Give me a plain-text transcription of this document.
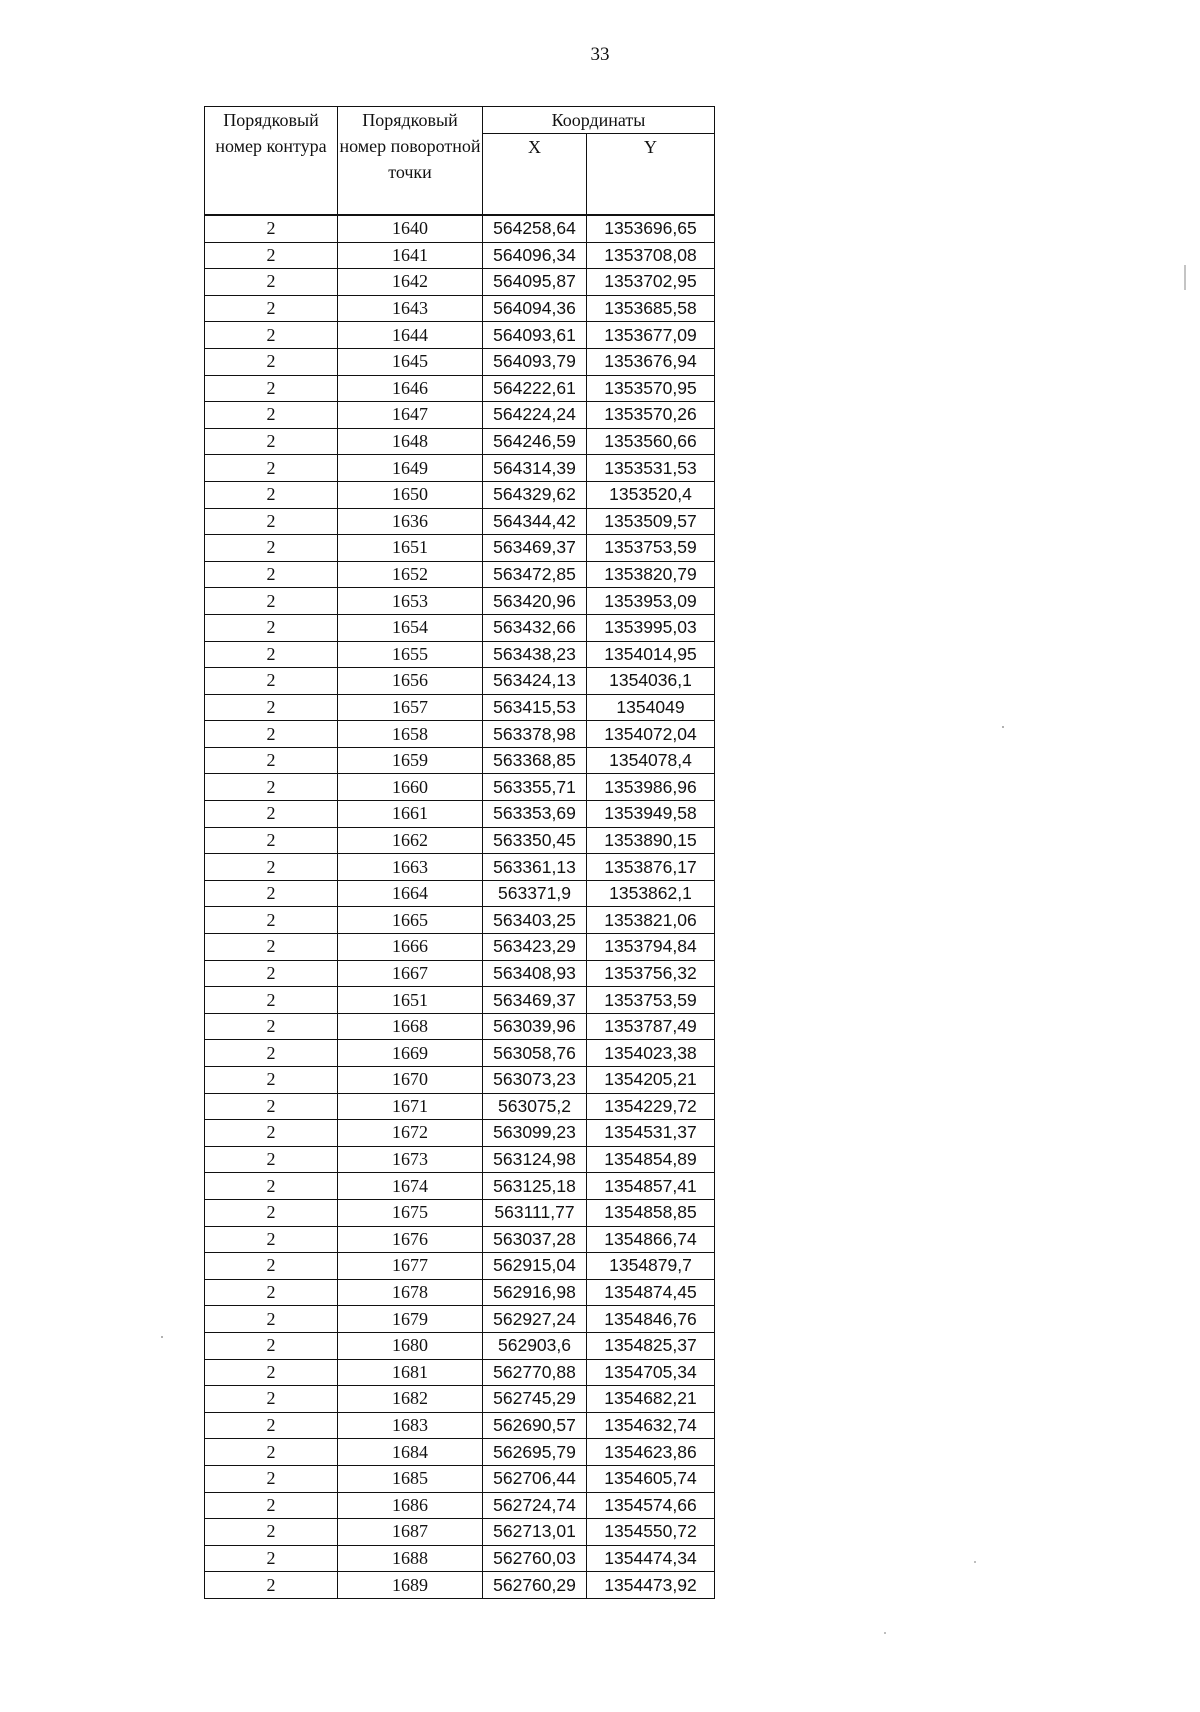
33
Порядковый номер контура	Порядковый номер поворотной точки	Координаты	
		X	Y
2	1640	564258,64	1353696,65
2	1641	564096,34	1353708,08
2	1642	564095,87	1353702,95
2	1643	564094,36	1353685,58
2	1644	564093,61	1353677,09
2	1645	564093,79	1353676,94
2	1646	564222,61	1353570,95
2	1647	564224,24	1353570,26
2	1648	564246,59	1353560,66
2	1649	564314,39	1353531,53
2	1650	564329,62	1353520,4
2	1636	564344,42	1353509,57
2	1651	563469,37	1353753,59
2	1652	563472,85	1353820,79
2	1653	563420,96	1353953,09
2	1654	563432,66	1353995,03
2	1655	563438,23	1354014,95
2	1656	563424,13	1354036,1
2	1657	563415,53	1354049
2	1658	563378,98	1354072,04
2	1659	563368,85	1354078,4
2	1660	563355,71	1353986,96
2	1661	563353,69	1353949,58
2	1662	563350,45	1353890,15
2	1663	563361,13	1353876,17
2	1664	563371,9	1353862,1
2	1665	563403,25	1353821,06
2	1666	563423,29	1353794,84
2	1667	563408,93	1353756,32
2	1651	563469,37	1353753,59
2	1668	563039,96	1353787,49
2	1669	563058,76	1354023,38
2	1670	563073,23	1354205,21
2	1671	563075,2	1354229,72
2	1672	563099,23	1354531,37
2	1673	563124,98	1354854,89
2	1674	563125,18	1354857,41
2	1675	563111,77	1354858,85
2	1676	563037,28	1354866,74
2	1677	562915,04	1354879,7
2	1678	562916,98	1354874,45
2	1679	562927,24	1354846,76
2	1680	562903,6	1354825,37
2	1681	562770,88	1354705,34
2	1682	562745,29	1354682,21
2	1683	562690,57	1354632,74
2	1684	562695,79	1354623,86
2	1685	562706,44	1354605,74
2	1686	562724,74	1354574,66
2	1687	562713,01	1354550,72
2	1688	562760,03	1354474,34
2	1689	562760,29	1354473,92
